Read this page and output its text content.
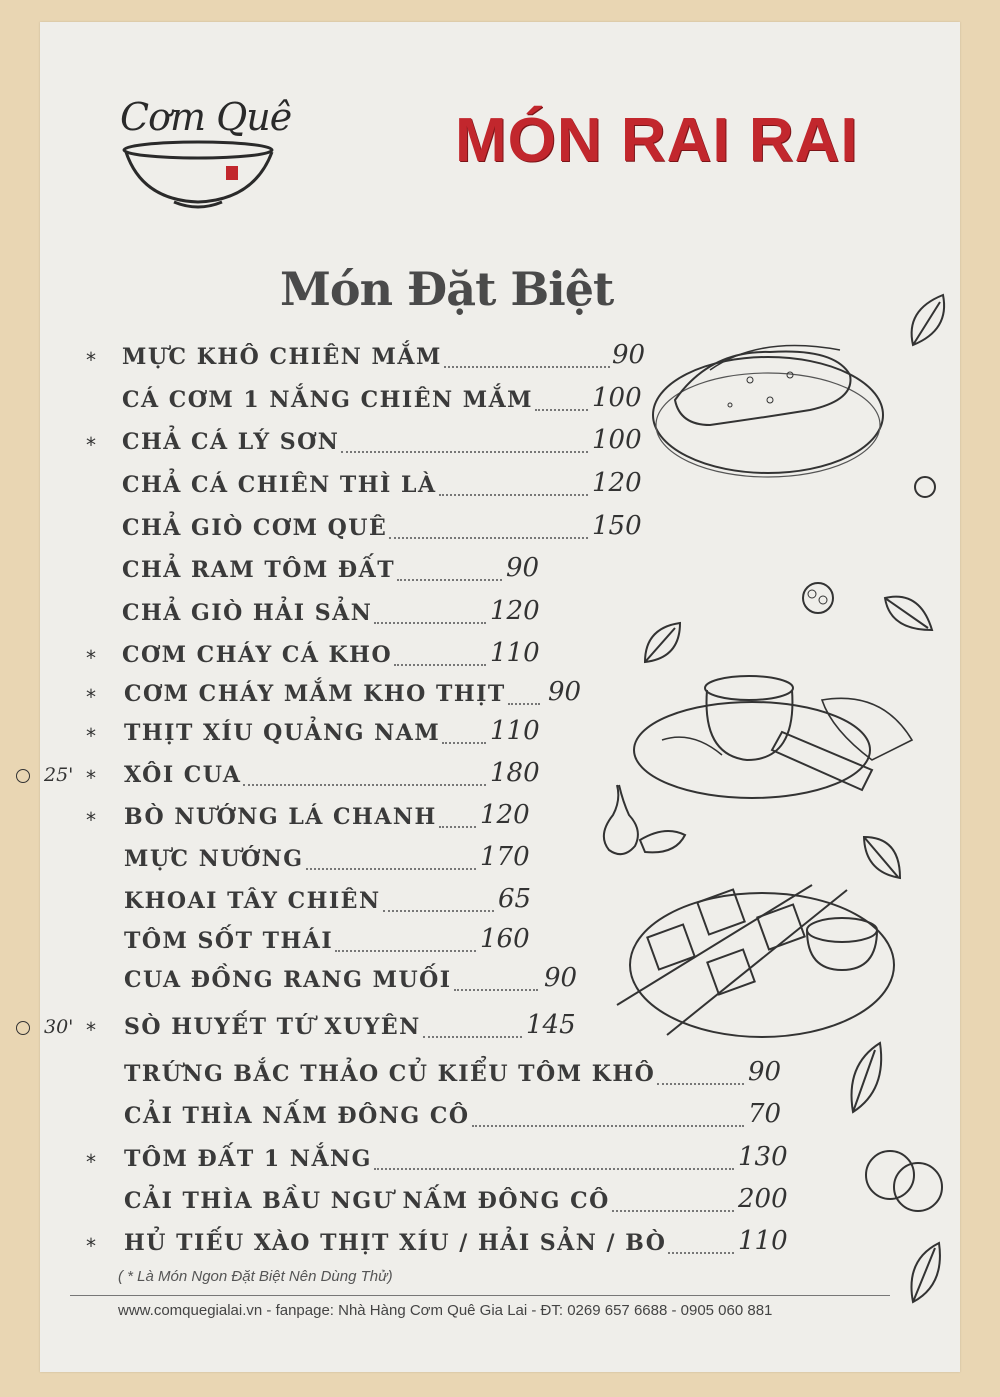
Cơm Quê	MÓN RAI RAI
Món Đặt Biệt
* MỰC KHÔ CHIÊN MẮM	90
CÁ CƠM 1 NẮNG CHIÊN MẮM 100
* CHẢ CÁ LÝ SƠN	100
CHẢ CÁ CHIÊN THÌ LÀ	120
CHẢ GIÒ CƠM QUÊ	150
CHẢ RAM TÔM ĐẤT	90
CHẢ GIÒ HẢI SẢN	120
* CƠM CHÁY CÁ KHO	110
* CƠM CHÁY MẮM KHO THỊT 90
* THỊT XÍU QUẢNG NAM 110
25' * XÔI CUA	180
* BÒ NƯỚNG LÁ CHANH 120
MỰC NƯỚNG	170
KHOAI TÂY CHIÊN	65
TÔM SỐT THÁI	160
CUA ĐỒNG RANG MUỐI	90
30' * SÒ HUYẾT TỨ XUYÊN	145
TRỨNG BẮC THẢO CỦ KIỂU TÔM KHÔ	90
CẢI THÌA NẤM ĐÔNG CÔ	70
* TÔM ĐẤT 1 NẮNG	130
CẢI THÌA BẦU NGƯ NẤM ĐÔNG CÔ	200
* HỦ TIẾU XÀO THỊT XÍU / HẢI SẢN / BÒ	110
( * Là Món Ngon Đặt Biệt Nên Dùng Thử)
www.comquegialai.vn - fanpage: Nhà Hàng Cơm Quê Gia Lai - ĐT: 0269 657 6688 - 0905 060 881
